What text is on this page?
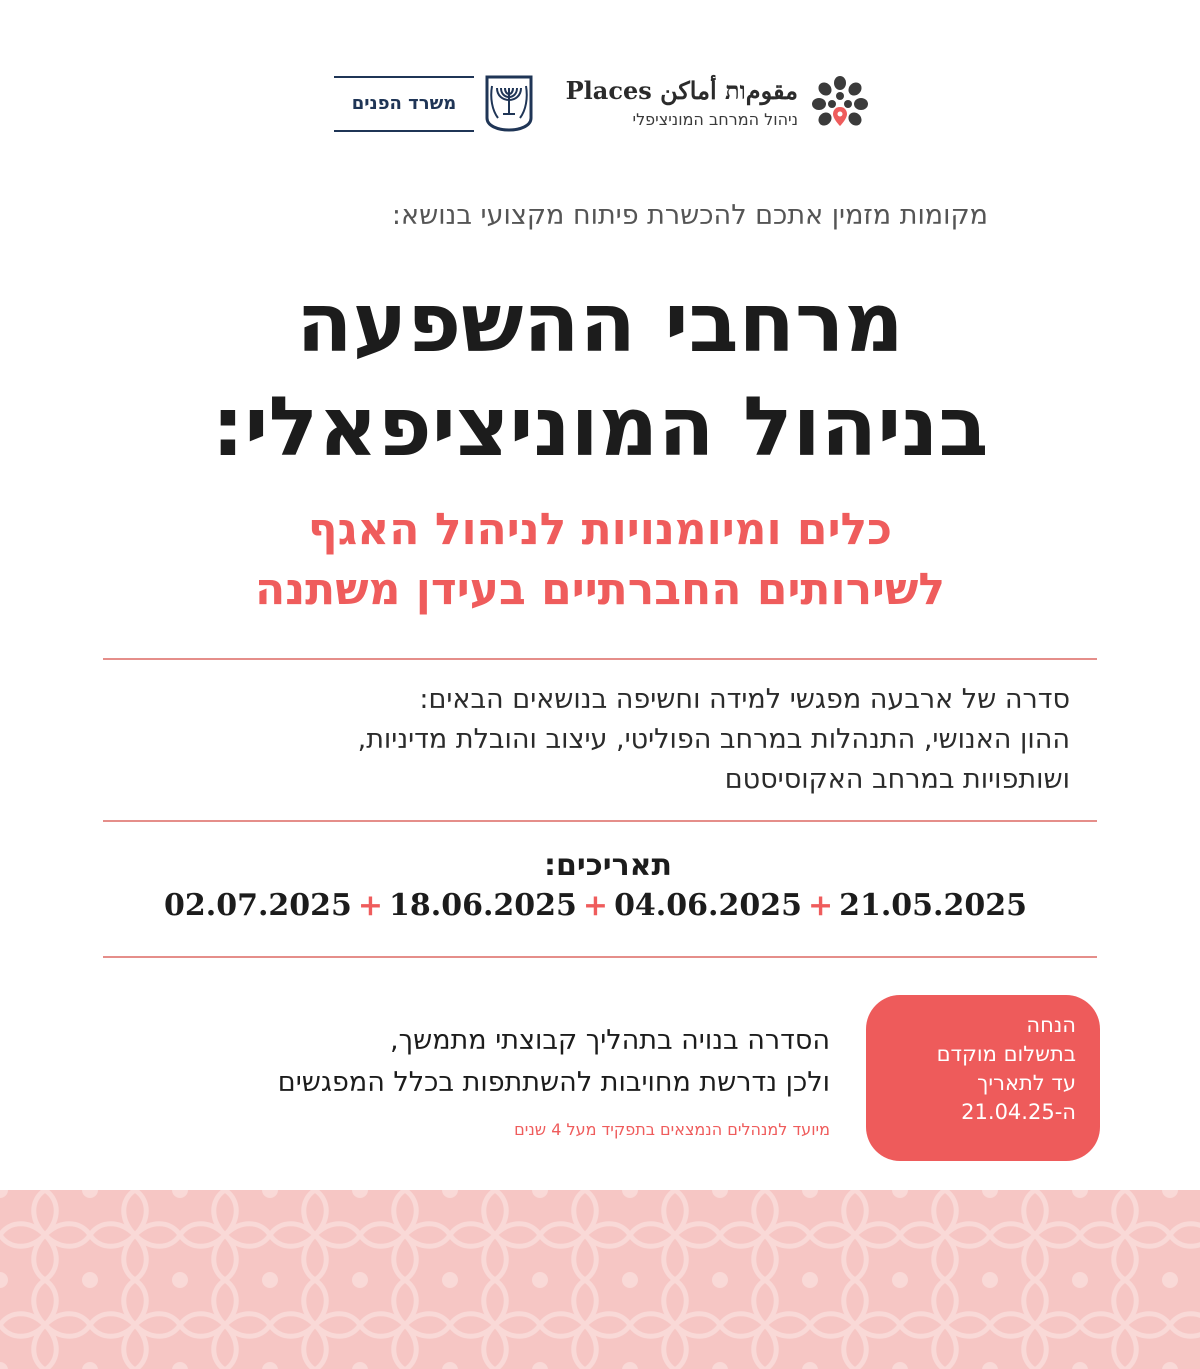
مقومות أماكن Places
ניהול המרחב המוניציפלי
משרד הפנים
מקומות מזמין אתכם להכשרת פיתוח מקצועי בנושא:
מרחבי ההשפעה
בניהול המוניציפאלי:
כלים ומיומנויות לניהול האגף
לשירותים החברתיים בעידן משתנה
סדרה של ארבעה מפגשי למידה וחשיפה בנושאים הבאים:
ההון האנושי, התנהלות במרחב הפוליטי, עיצוב והובלת מדיניות,
ושותפויות במרחב האקוסיסטם
תאריכים:
02.07.2025 + 18.06.2025 + 04.06.2025 + 21.05.2025
הנחה
בתשלום מוקדם
עד לתאריך
ה-21.04.25
הסדרה בנויה בתהליך קבוצתי מתמשך,
ולכן נדרשת מחויבות להשתתפות בכלל המפגשים
מיועד למנהלים הנמצאים בתפקיד מעל 4 שנים
